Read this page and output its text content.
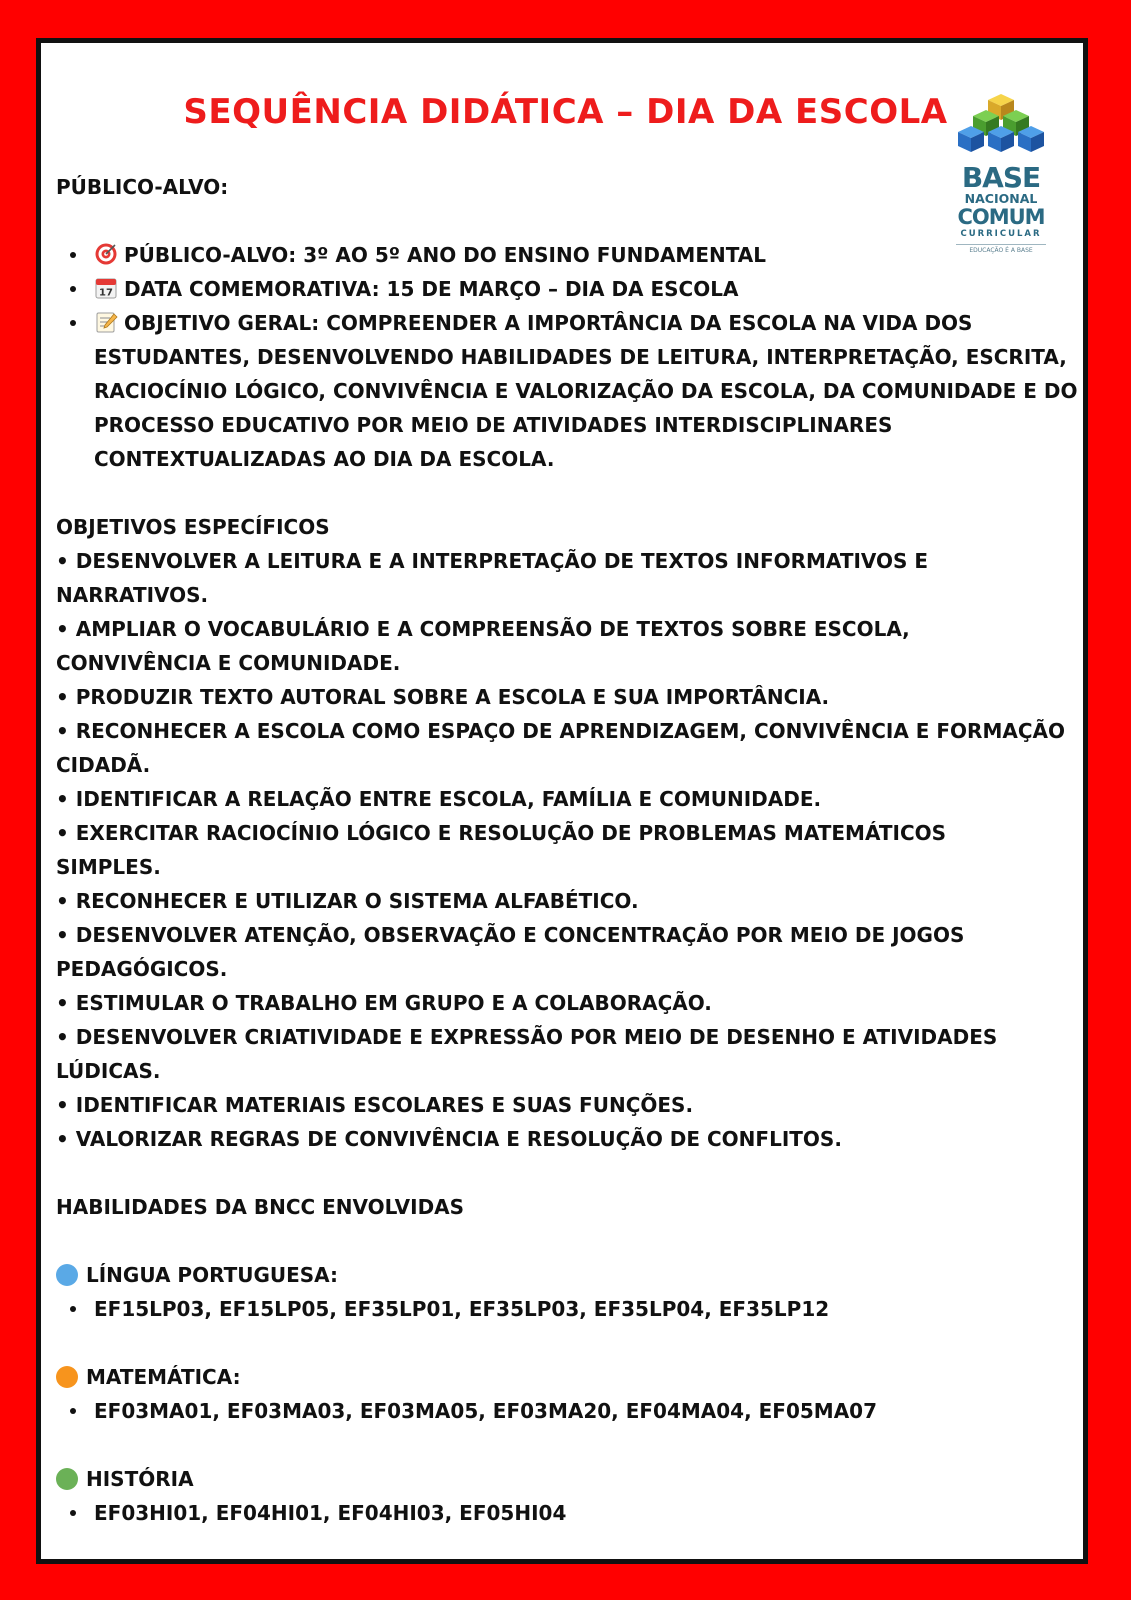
SEQUÊNCIA DIDÁTICA – DIA DA ESCOLA
BASE
NACIONAL
COMUM
CURRICULAR
EDUCAÇÃO É A BASE

PÚBLICO-ALVO:

PÚBLICO-ALVO: 3º AO 5º ANO DO ENSINO FUNDAMENTAL
17 DATA COMEMORATIVA: 15 DE MARÇO – DIA DA ESCOLA
OBJETIVO GERAL: COMPREENDER A IMPORTÂNCIA DA ESCOLA NA VIDA DOS ESTUDANTES, DESENVOLVENDO HABILIDADES DE LEITURA, INTERPRETAÇÃO, ESCRITA, RACIOCÍNIO LÓGICO, CONVIVÊNCIA E VALORIZAÇÃO DA ESCOLA, DA COMUNIDADE E DO PROCESSO EDUCATIVO POR MEIO DE ATIVIDADES INTERDISCIPLINARES CONTEXTUALIZADAS AO DIA DA ESCOLA.

OBJETIVOS ESPECÍFICOS

• DESENVOLVER A LEITURA E A INTERPRETAÇÃO DE TEXTOS INFORMATIVOS E

NARRATIVOS.

• AMPLIAR O VOCABULÁRIO E A COMPREENSÃO DE TEXTOS SOBRE ESCOLA,

CONVIVÊNCIA E COMUNIDADE.

• PRODUZIR TEXTO AUTORAL SOBRE A ESCOLA E SUA IMPORTÂNCIA.

• RECONHECER A ESCOLA COMO ESPAÇO DE APRENDIZAGEM, CONVIVÊNCIA E FORMAÇÃO

CIDADÃ.

• IDENTIFICAR A RELAÇÃO ENTRE ESCOLA, FAMÍLIA E COMUNIDADE.

• EXERCITAR RACIOCÍNIO LÓGICO E RESOLUÇÃO DE PROBLEMAS MATEMÁTICOS

SIMPLES.

• RECONHECER E UTILIZAR O SISTEMA ALFABÉTICO.

• DESENVOLVER ATENÇÃO, OBSERVAÇÃO E CONCENTRAÇÃO POR MEIO DE JOGOS

PEDAGÓGICOS.

• ESTIMULAR O TRABALHO EM GRUPO E A COLABORAÇÃO.

• DESENVOLVER CRIATIVIDADE E EXPRESSÃO POR MEIO DE DESENHO E ATIVIDADES

LÚDICAS.

• IDENTIFICAR MATERIAIS ESCOLARES E SUAS FUNÇÕES.

• VALORIZAR REGRAS DE CONVIVÊNCIA E RESOLUÇÃO DE CONFLITOS.

HABILIDADES DA BNCC ENVOLVIDAS

LÍNGUA PORTUGUESA:

EF15LP03, EF15LP05, EF35LP01, EF35LP03, EF35LP04, EF35LP12

MATEMÁTICA:

EF03MA01, EF03MA03, EF03MA05, EF03MA20, EF04MA04, EF05MA07

HISTÓRIA

EF03HI01, EF04HI01, EF04HI03, EF05HI04
